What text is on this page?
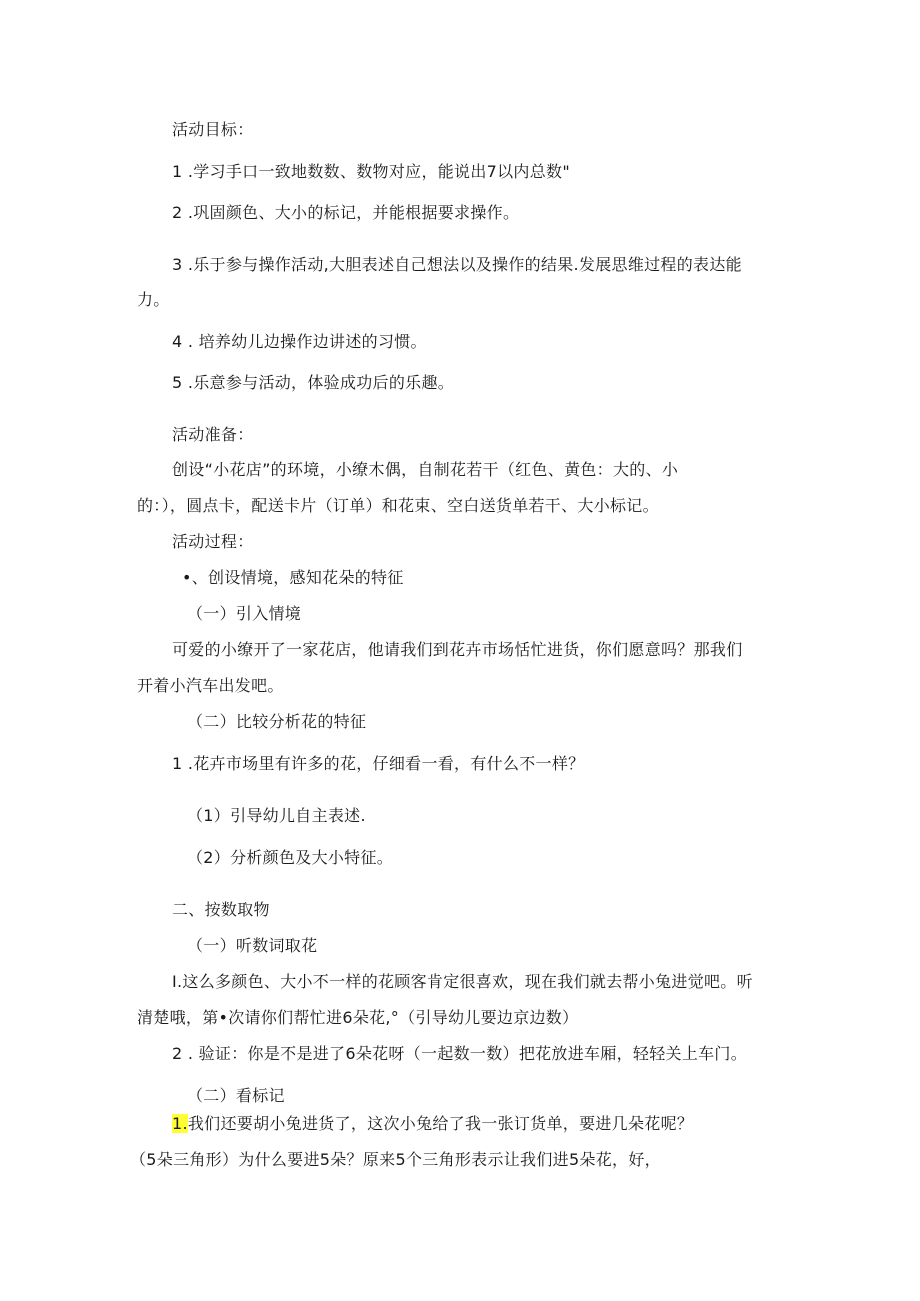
活动目标：
1 .学习手口一致地数数、数物对应，能说出7以内总数"
2 .巩固颜色、大小的标记，并能根据要求操作。
3 .乐于参与操作活动,大胆表述自己想法以及操作的结果.发展思维过程的表达能
力。
4 . 培养幼儿边操作边讲述的习惯。
5 .乐意参与活动，体验成功后的乐趣。
活动准备：
创设“小花店”的环境，小缭木偶，自制花若干（红色、黄色：大的、小
的：），圆点卡，配送卡片（订单）和花束、空白送货单若干、大小标记。
活动过程：
•、创设情境，感知花朵的特征
（一）引入情境
可爱的小缭开了一家花店，他请我们到花卉市场恬忙进货，你们愿意吗？那我们
开着小汽车出发吧。
（二）比较分析花的特征
1 .花卉市场里有许多的花，仔细看一看，有什么不一样？
（1）引导幼儿自主表述.
（2）分析颜色及大小特征。
二、按数取物
（一）听数词取花
I.这么多颜色、大小不一样的花顾客肯定很喜欢，现在我们就去帮小兔进觉吧。听
清楚哦，第•次请你们帮忙进6朵花,°（引导幼儿要边京边数）
2 . 验证：你是不是进了6朵花呀（一起数一数）把花放进车厢，轻轻关上车门。
（二）看标记
1.我们还要胡小兔进货了，这次小兔给了我一张订货单，要进几朵花呢？
（5朵三角形）为什么要进5朵？原来5个三角形表示让我们进5朵花，好，
